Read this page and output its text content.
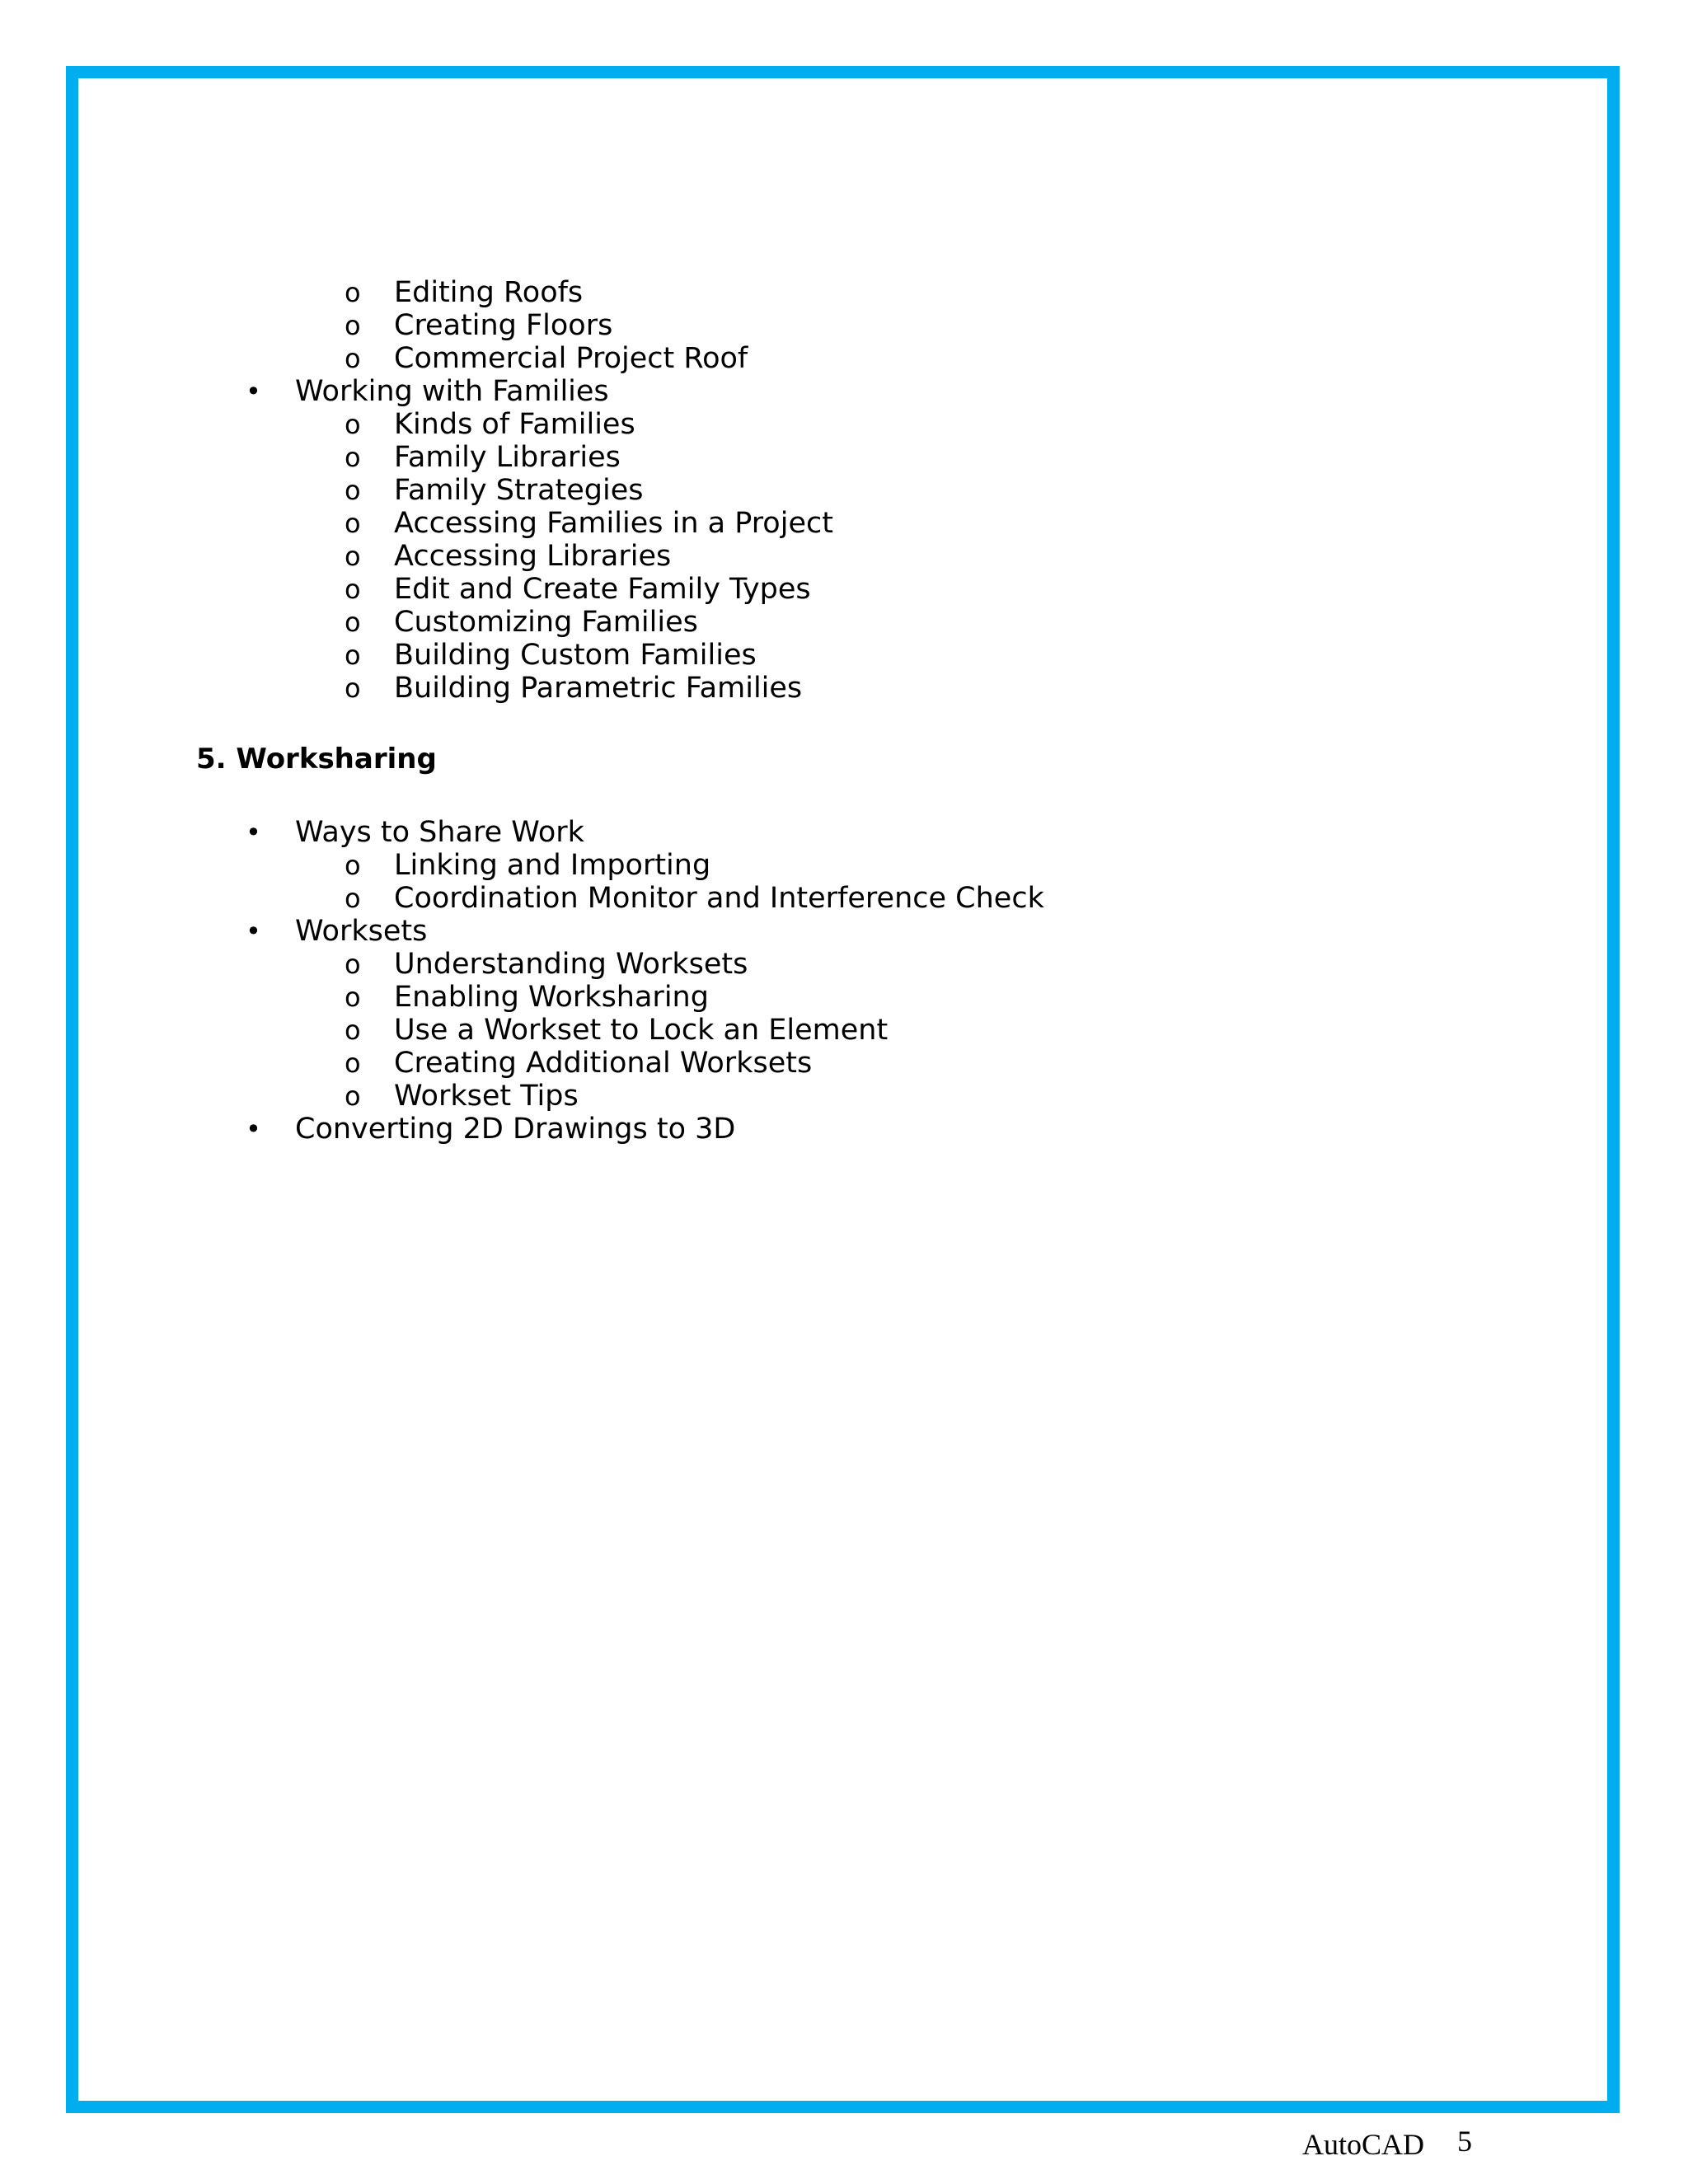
o Editing Roofs
o Creating Floors
o Commercial Project Roof
• Working with Families
o Kinds of Families
o Family Libraries
o Family Strategies
o Accessing Families in a Project
o Accessing Libraries
o Edit and Create Family Types
o Customizing Families
o Building Custom Families
o Building Parametric Families
5. Worksharing
• Ways to Share Work
o Linking and Importing
o Coordination Monitor and Interference Check
• Worksets
o Understanding Worksets
o Enabling Worksharing
o Use a Workset to Lock an Element
o Creating Additional Worksets
o Workset Tips
• Converting 2D Drawings to 3D
AutoCAD 5
